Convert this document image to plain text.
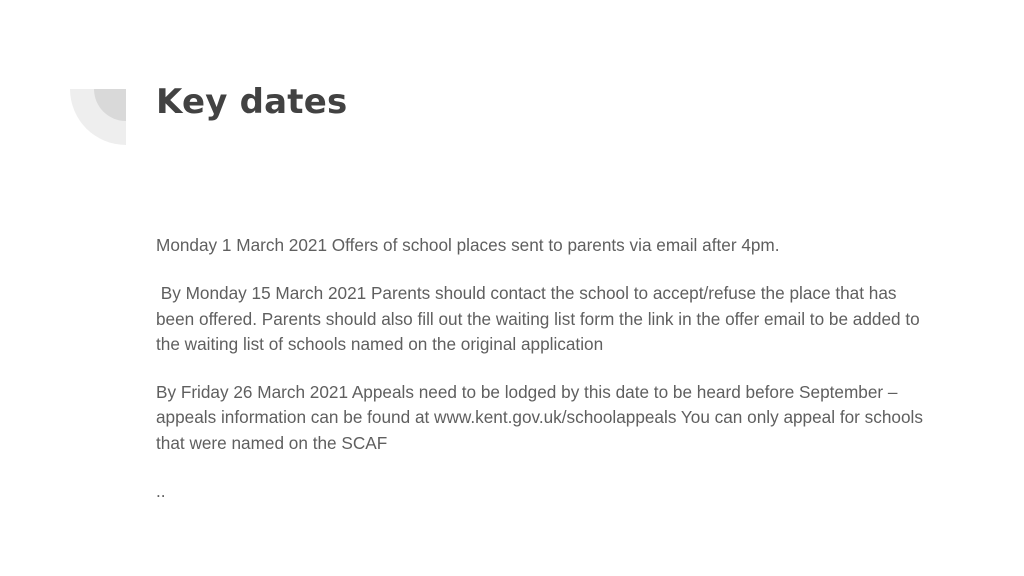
Key dates

Monday 1 March 2021 Offers of school places sent to parents via email after 4pm.

By Monday 15 March 2021 Parents should contact the school to accept/refuse the place that has been offered. Parents should also fill out the waiting list form the link in the offer email to be added to the waiting list of schools named on the original application

By Friday 26 March 2021 Appeals need to be lodged by this date to be heard before September – appeals information can be found at www.kent.gov.uk/schoolappeals You can only appeal for schools that were named on the SCAF

..
